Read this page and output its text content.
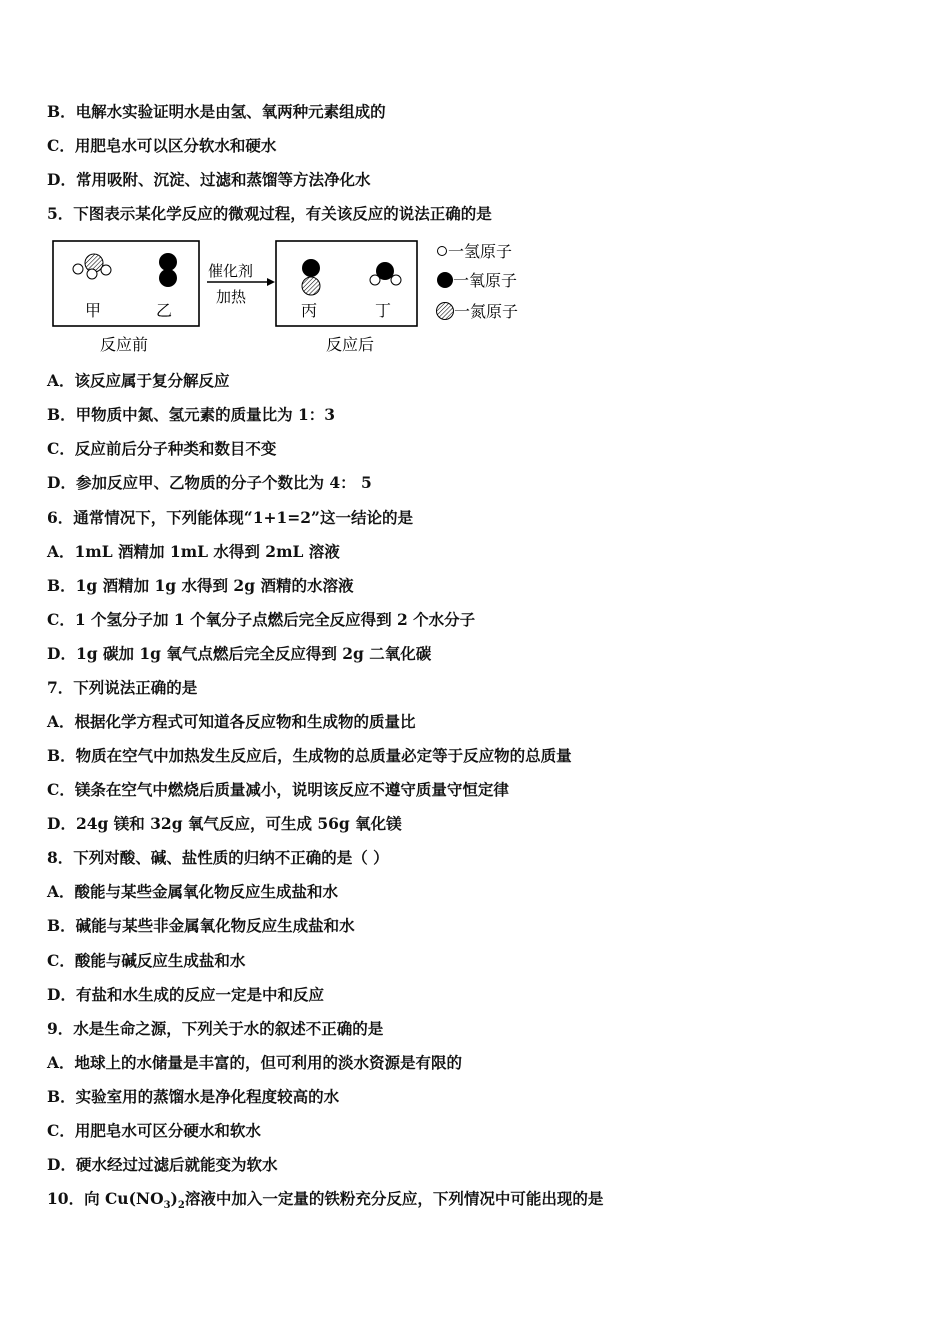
B．电解水实验证明水是由氢、氧两种元素组成的
C．用肥皂水可以区分软水和硬水
D．常用吸附、沉淀、过滤和蒸馏等方法净化水
5．下图表示某化学反应的微观过程，有关该反应的说法正确的是
甲	乙
催化剂
加热
丙	丁
反应前	反应后
一氢原子
一氧原子
一氮原子
A．该反应属于复分解反应
B．甲物质中氮、氢元素的质量比为 1：3
C．反应前后分子种类和数目不变
D．参加反应甲、乙物质的分子个数比为 4： 5
6．通常情况下，下列能体现“1+1=2”这一结论的是
A．1mL 酒精加 1mL 水得到 2mL 溶液
B．1g 酒精加 1g 水得到 2g 酒精的水溶液
C．1 个氢分子加 1 个氧分子点燃后完全反应得到 2 个水分子
D．1g 碳加 1g 氧气点燃后完全反应得到 2g 二氧化碳
7．下列说法正确的是
A．根据化学方程式可知道各反应物和生成物的质量比
B．物质在空气中加热发生反应后，生成物的总质量必定等于反应物的总质量
C．镁条在空气中燃烧后质量减小，说明该反应不遵守质量守恒定律
D．24g 镁和 32g 氧气反应，可生成 56g 氧化镁
8．下列对酸、碱、盐性质的归纳不正确的是（ ）
A．酸能与某些金属氧化物反应生成盐和水
B．碱能与某些非金属氧化物反应生成盐和水
C．酸能与碱反应生成盐和水
D．有盐和水生成的反应一定是中和反应
9．水是生命之源，下列关于水的叙述不正确的是
A．地球上的水储量是丰富的，但可利用的淡水资源是有限的
B．实验室用的蒸馏水是净化程度较高的水
C．用肥皂水可区分硬水和软水
D．硬水经过过滤后就能变为软水
10．向 $Cu(NO_3)_2$溶液中加入一定量的铁粉充分反应，下列情况中可能出现的是
